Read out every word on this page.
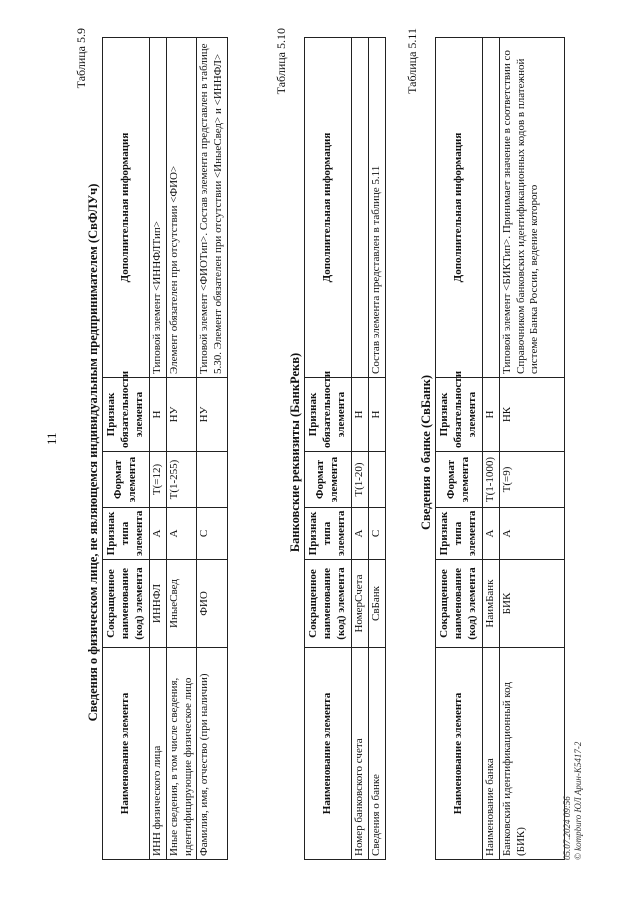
11
Таблица 5.9
Сведения о физическом лице, не являющемся индивидуальным предпринимателем (СвФЛУч)
Наименование элемента	Сокращенное наименование (код) элемента	Признак типа элемента	Формат элемента	Признак обязательности элемента	Дополнительная информация
ИНН физического лица	ИННФЛ	А	Т(=12)	Н	Типовой элемент <ИННФЛТип>
Иные сведения, в том числе сведения, идентифицирующие физическое лицо	ИныеСвед	А	Т(1-255)	НУ	Элемент обязателен при отсутствии <ФИО>
Фамилия, имя, отчество (при наличии)	ФИО	С		НУ	Типовой элемент <ФИОТип>. Состав элемента представлен в таблице 5.30. Элемент обязателен при отсутствии <ИныеСвед> и <ИННФЛ>	Таблица 5.10
Банковские реквизиты (БанкРекв)
Наименование элемента	Сокращенное наименование (код) элемента	Признак типа элемента	Формат элемента	Признак обязательности элемента	Дополнительная информация
Номер банковского счета	НомерСчета	А	Т(1-20)	Н	
Сведения о банке	СвБанк	С		Н	Состав элемента представлен в таблице 5.11
Таблица 5.11
Сведения о банке (СвБанк)
Наименование элемента	Сокращенное наименование (код) элемента	Признак типа элемента	Формат элемента	Признак обязательности элемента	Дополнительная информация
Наименование банка	НаимБанк	А	Т(1-1000)	Н	
Банковский идентификационный код (БИК)	БИК	А	Т(=9)	НК	Типовой элемент <БИКТип>. Принимает значение в соответствии со Справочником банковских идентификационных кодов в платежной системе Банка России, ведение которого
05.07.2024 09:56 © kompburo ЮЛ Арин-К5417-2
